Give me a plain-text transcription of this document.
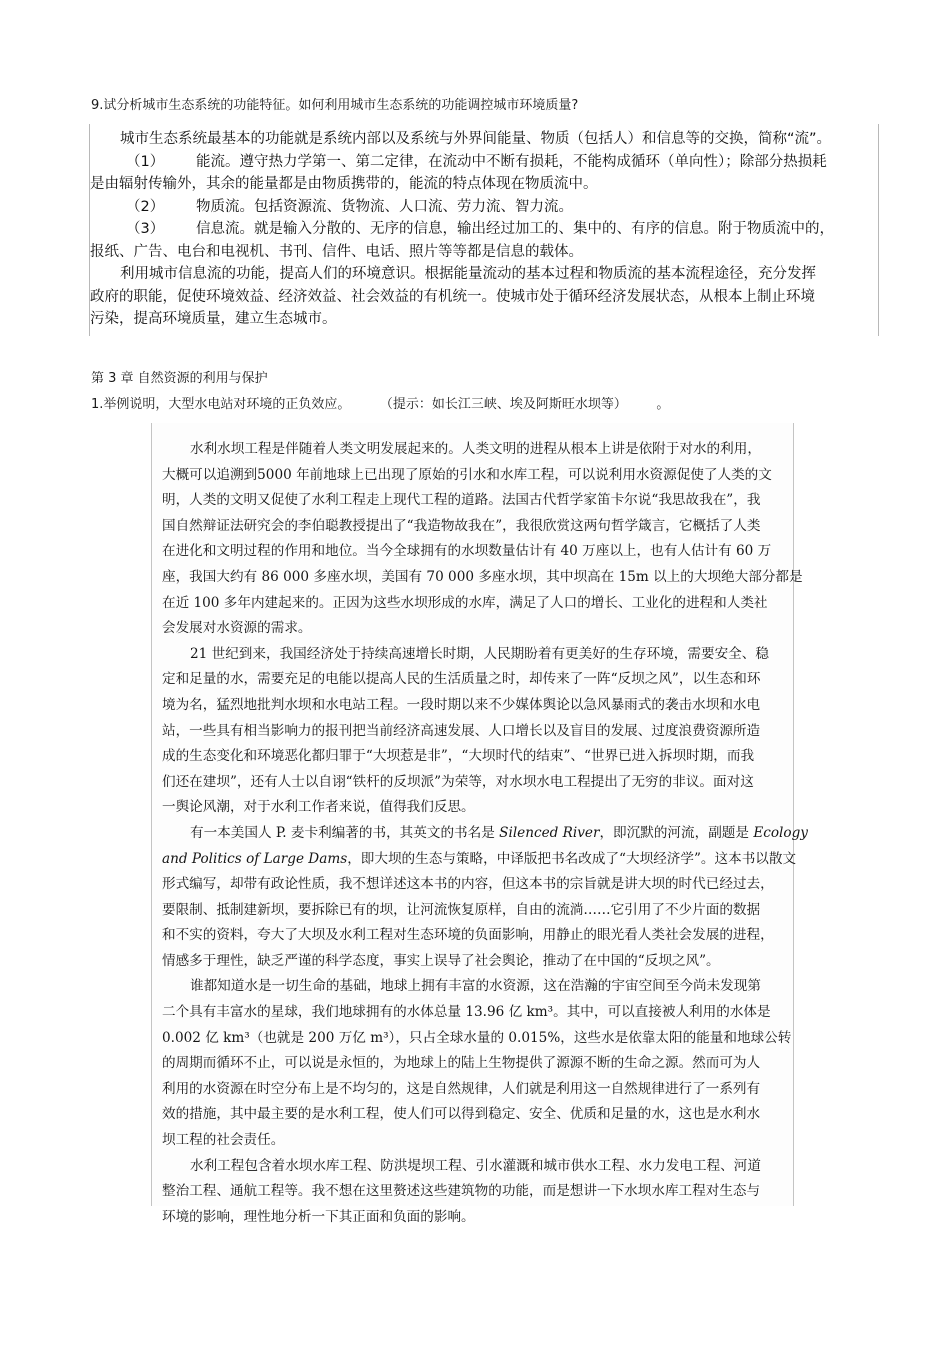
9.试分析城市生态系统的功能特征。如何利用城市生态系统的功能调控城市环境质量?
城市生态系统最基本的功能就是系统内部以及系统与外界间能量、物质（包括人）和信息等的交换，简称“流”。
（1） 能流。遵守热力学第一、第二定律，在流动中不断有损耗，不能构成循环（单向性）；除部分热损耗
是由辐射传输外，其余的能量都是由物质携带的，能流的特点体现在物质流中。
（2） 物质流。包括资源流、货物流、人口流、劳力流、智力流。
（3） 信息流。就是输入分散的、无序的信息，输出经过加工的、集中的、有序的信息。附于物质流中的，
报纸、广告、电台和电视机、书刊、信件、电话、照片等等都是信息的载体。
利用城市信息流的功能，提高人们的环境意识。根据能量流动的基本过程和物质流的基本流程途径，充分发挥
政府的职能，促使环境效益、经济效益、社会效益的有机统一。使城市处于循环经济发展状态，从根本上制止环境
污染，提高环境质量，建立生态城市。
第 3 章 自然资源的利用与保护
1.举例说明，大型水电站对环境的正负效应。	（提示：如长江三峡、埃及阿斯旺水坝等）	。
水利水坝工程是伴随着人类文明发展起来的。人类文明的进程从根本上讲是依附于对水的利用，
大概可以追溯到5000 年前地球上已出现了原始的引水和水库工程，可以说利用水资源促使了人类的文
明，人类的文明又促使了水利工程走上现代工程的道路。法国古代哲学家笛卡尔说“我思故我在”，我
国自然辩证法研究会的李伯聪教授提出了“我造物故我在”，我很欣赏这两句哲学箴言，它概括了人类
在进化和文明过程的作用和地位。当今全球拥有的水坝数量估计有 40 万座以上，也有人估计有 60 万
座，我国大约有 86 000 多座水坝，美国有 70 000 多座水坝，其中坝高在 15m 以上的大坝绝大部分都是
在近 100 多年内建起来的。正因为这些水坝形成的水库，满足了人口的增长、工业化的进程和人类社
会发展对水资源的需求。
21 世纪到来，我国经济处于持续高速增长时期，人民期盼着有更美好的生存环境，需要安全、稳
定和足量的水，需要充足的电能以提高人民的生活质量之时，却传来了一阵“反坝之风”，以生态和环
境为名，猛烈地批判水坝和水电站工程。一段时期以来不少媒体舆论以急风暴雨式的袭击水坝和水电
站，一些具有相当影响力的报刊把当前经济高速发展、人口增长以及盲目的发展、过度浪费资源所造
成的生态变化和环境恶化都归罪于“大坝惹是非”，“大坝时代的结束”、“世界已进入拆坝时期，而我
们还在建坝”，还有人士以自诩“铁杆的反坝派”为荣等，对水坝水电工程提出了无穷的非议。面对这
一舆论风潮，对于水利工作者来说，值得我们反思。
有一本美国人 P. 麦卡利编著的书，其英文的书名是 Silenced River，即沉默的河流，副题是 Ecology
and Politics of Large Dams，即大坝的生态与策略，中译版把书名改成了“大坝经济学”。这本书以散文
形式编写，却带有政论性质，我不想详述这本书的内容，但这本书的宗旨就是讲大坝的时代已经过去，
要限制、抵制建新坝，要拆除已有的坝，让河流恢复原样，自由的流淌……它引用了不少片面的数据
和不实的资料，夸大了大坝及水利工程对生态环境的负面影响，用静止的眼光看人类社会发展的进程，
情感多于理性，缺乏严谨的科学态度，事实上误导了社会舆论，推动了在中国的“反坝之风”。
谁都知道水是一切生命的基础，地球上拥有丰富的水资源，这在浩瀚的宇宙空间至今尚未发现第
二个具有丰富水的星球，我们地球拥有的水体总量 13.96 亿 km³。其中，可以直接被人利用的水体是
0.002 亿 km³（也就是 200 万亿 m³），只占全球水量的 0.015%，这些水是依靠太阳的能量和地球公转
的周期而循环不止，可以说是永恒的，为地球上的陆上生物提供了源源不断的生命之源。然而可为人
利用的水资源在时空分布上是不均匀的，这是自然规律，人们就是利用这一自然规律进行了一系列有
效的措施，其中最主要的是水利工程，使人们可以得到稳定、安全、优质和足量的水，这也是水利水
坝工程的社会责任。
水利工程包含着水坝水库工程、防洪堤坝工程、引水灌溉和城市供水工程、水力发电工程、河道
整治工程、通航工程等。我不想在这里赘述这些建筑物的功能，而是想讲一下水坝水库工程对生态与
环境的影响，理性地分析一下其正面和负面的影响。
